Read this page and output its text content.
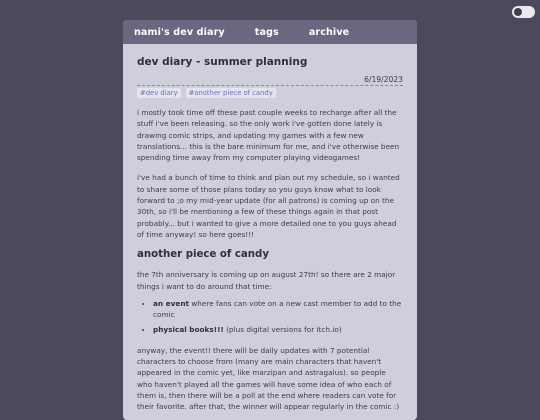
nami's dev diary	tags	archive
dev diary - summer planning
6/19/2023
#dev diary	#another piece of candy

i mostly took time off these past couple weeks to recharge after all the stuff i've been releasing. so the only work i've gotten done lately is drawing comic strips, and updating my games with a few new translations... this is the bare minimum for me, and i've otherwise been spending time away from my computer playing videogames!

i've had a bunch of time to think and plan out my schedule, so i wanted to share some of those plans today so you guys know what to look forward to ;o my mid-year update (for all patrons) is coming up on the 30th, so i'll be mentioning a few of these things again in that post probably... but i wanted to give a more detailed one to you guys ahead of time anyway! so here goes!!!

another piece of candy

the 7th anniversary is coming up on august 27th! so there are 2 major things i want to do around that time:

• an event where fans can vote on a new cast member to add to the comic
• physical books!!! (plus digital versions for itch.io)

anyway, the event!! there will be daily updates with 7 potential characters to choose from (many are main characters that haven't appeared in the comic yet, like marzipan and astragalus). so people who haven't played all the games will have some idea of who each of them is, then there will be a poll at the end where readers can vote for their favorite. after that, the winner will appear regularly in the comic :)
